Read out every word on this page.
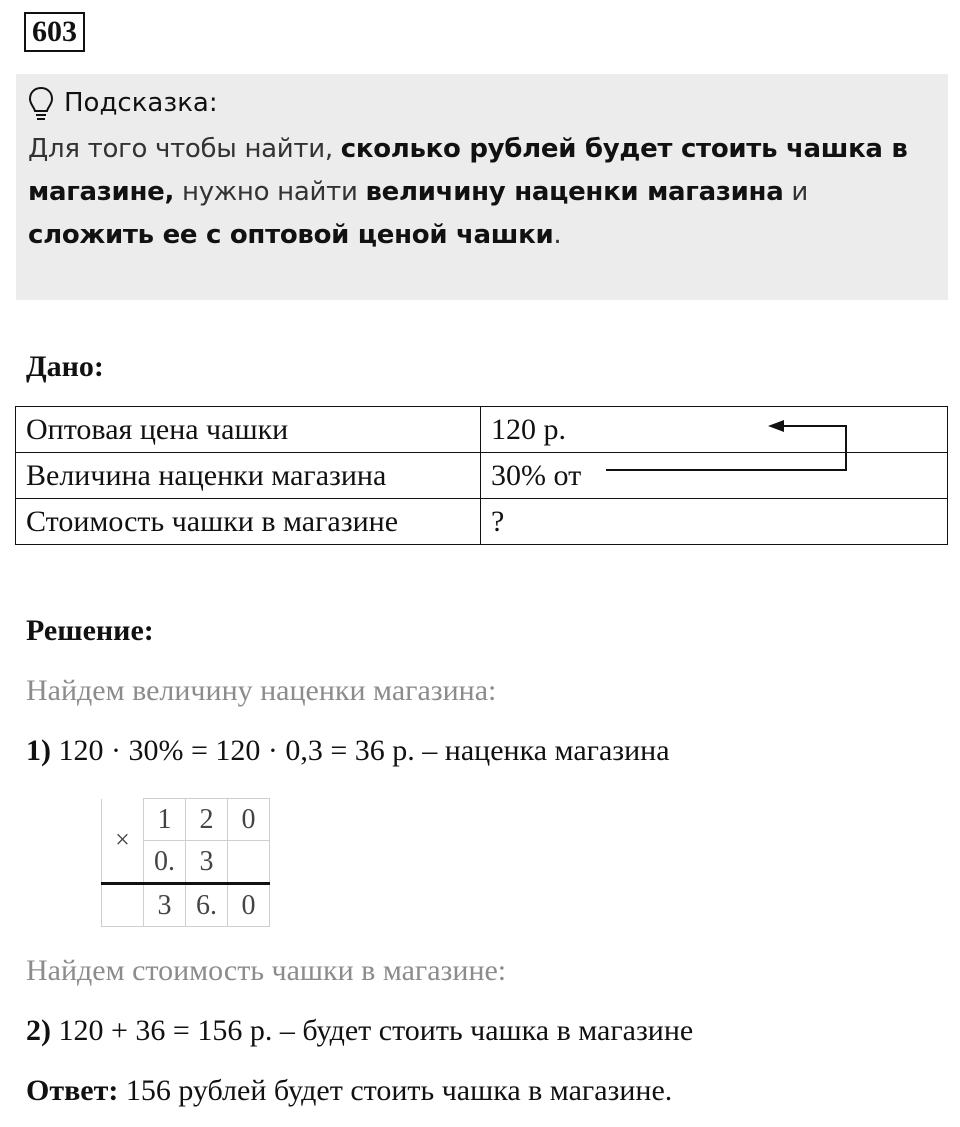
603
Подсказка:
Для того чтобы найти, сколько рублей будет стоить чашка в магазине, нужно найти величину наценки магазина и
сложить ее с оптовой ценой чашки.
Дано:
Оптовая цена чашки	120 р.
Величина наценки магазина	30% от
Стоимость чашки в магазине	?
Решение:
Найдем величину наценки магазина:
1) 120 · 30% = 120 · 0,3 = 36 р. – наценка магазина
×	1	2	0
	0.	3	
	3	6.	0
Найдем стоимость чашки в магазине:
2) 120 + 36 = 156 р. – будет стоить чашка в магазине
Ответ: 156 рублей будет стоить чашка в магазине.
